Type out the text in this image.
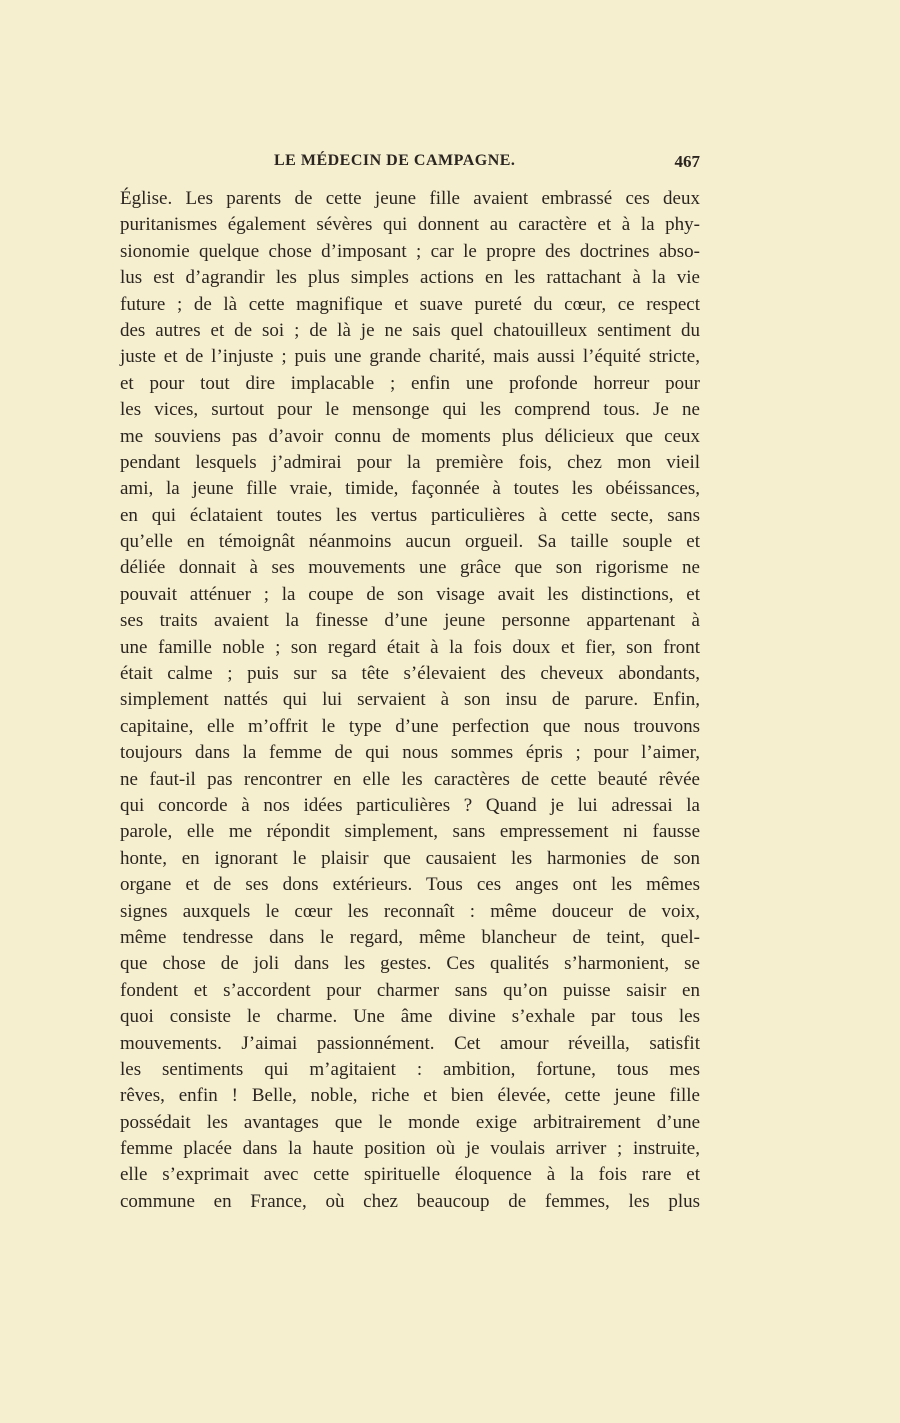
LE MÉDECIN DE CAMPAGNE.	467
Église. Les parents de cette jeune fille avaient embrassé ces deux
puritanismes également sévères qui donnent au caractère et à la phy-
sionomie quelque chose d’imposant ; car le propre des doctrines abso-
lus est d’agrandir les plus simples actions en les rattachant à la vie
future ; de là cette magnifique et suave pureté du cœur, ce respect
des autres et de soi ; de là je ne sais quel chatouilleux sentiment du
juste et de l’injuste ; puis une grande charité, mais aussi l’équité stricte,
et pour tout dire implacable ; enfin une profonde horreur pour
les vices, surtout pour le mensonge qui les comprend tous. Je ne
me souviens pas d’avoir connu de moments plus délicieux que ceux
pendant lesquels j’admirai pour la première fois, chez mon vieil
ami, la jeune fille vraie, timide, façonnée à toutes les obéissances,
en qui éclataient toutes les vertus particulières à cette secte, sans
qu’elle en témoignât néanmoins aucun orgueil. Sa taille souple et
déliée donnait à ses mouvements une grâce que son rigorisme ne
pouvait atténuer ; la coupe de son visage avait les distinctions, et
ses traits avaient la finesse d’une jeune personne appartenant à
une famille noble ; son regard était à la fois doux et fier, son front
était calme ; puis sur sa tête s’élevaient des cheveux abondants,
simplement nattés qui lui servaient à son insu de parure. Enfin,
capitaine, elle m’offrit le type d’une perfection que nous trouvons
toujours dans la femme de qui nous sommes épris ; pour l’aimer,
ne faut-il pas rencontrer en elle les caractères de cette beauté rêvée
qui concorde à nos idées particulières ? Quand je lui adressai la
parole, elle me répondit simplement, sans empressement ni fausse
honte, en ignorant le plaisir que causaient les harmonies de son
organe et de ses dons extérieurs. Tous ces anges ont les mêmes
signes auxquels le cœur les reconnaît : même douceur de voix,
même tendresse dans le regard, même blancheur de teint, quel-
que chose de joli dans les gestes. Ces qualités s’harmonient, se
fondent et s’accordent pour charmer sans qu’on puisse saisir en
quoi consiste le charme. Une âme divine s’exhale par tous les
mouvements. J’aimai passionnément. Cet amour réveilla, satisfit
les sentiments qui m’agitaient : ambition, fortune, tous mes
rêves, enfin ! Belle, noble, riche et bien élevée, cette jeune fille
possédait les avantages que le monde exige arbitrairement d’une
femme placée dans la haute position où je voulais arriver ; instruite,
elle s’exprimait avec cette spirituelle éloquence à la fois rare et
commune en France, où chez beaucoup de femmes, les plus
